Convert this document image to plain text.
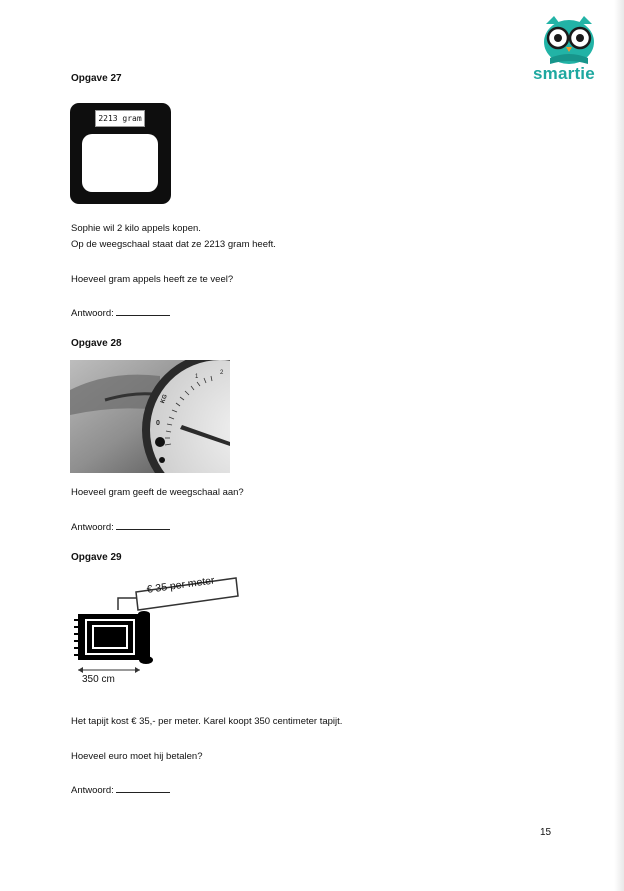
smartie
Opgave 27
2213 gram
Sophie wil 2 kilo appels kopen.
Op de weegschaal staat dat ze 2213 gram heeft.
Hoeveel gram appels heeft ze te veel?
Antwoord:
Opgave 28
0
KG
1
2
Hoeveel gram geeft de weegschaal aan?
Antwoord:
Opgave 29
€ 35 per meter
350 cm
Het tapijt kost € 35,- per meter. Karel koopt 350 centimeter tapijt.
Hoeveel euro moet hij betalen?
Antwoord:
15
